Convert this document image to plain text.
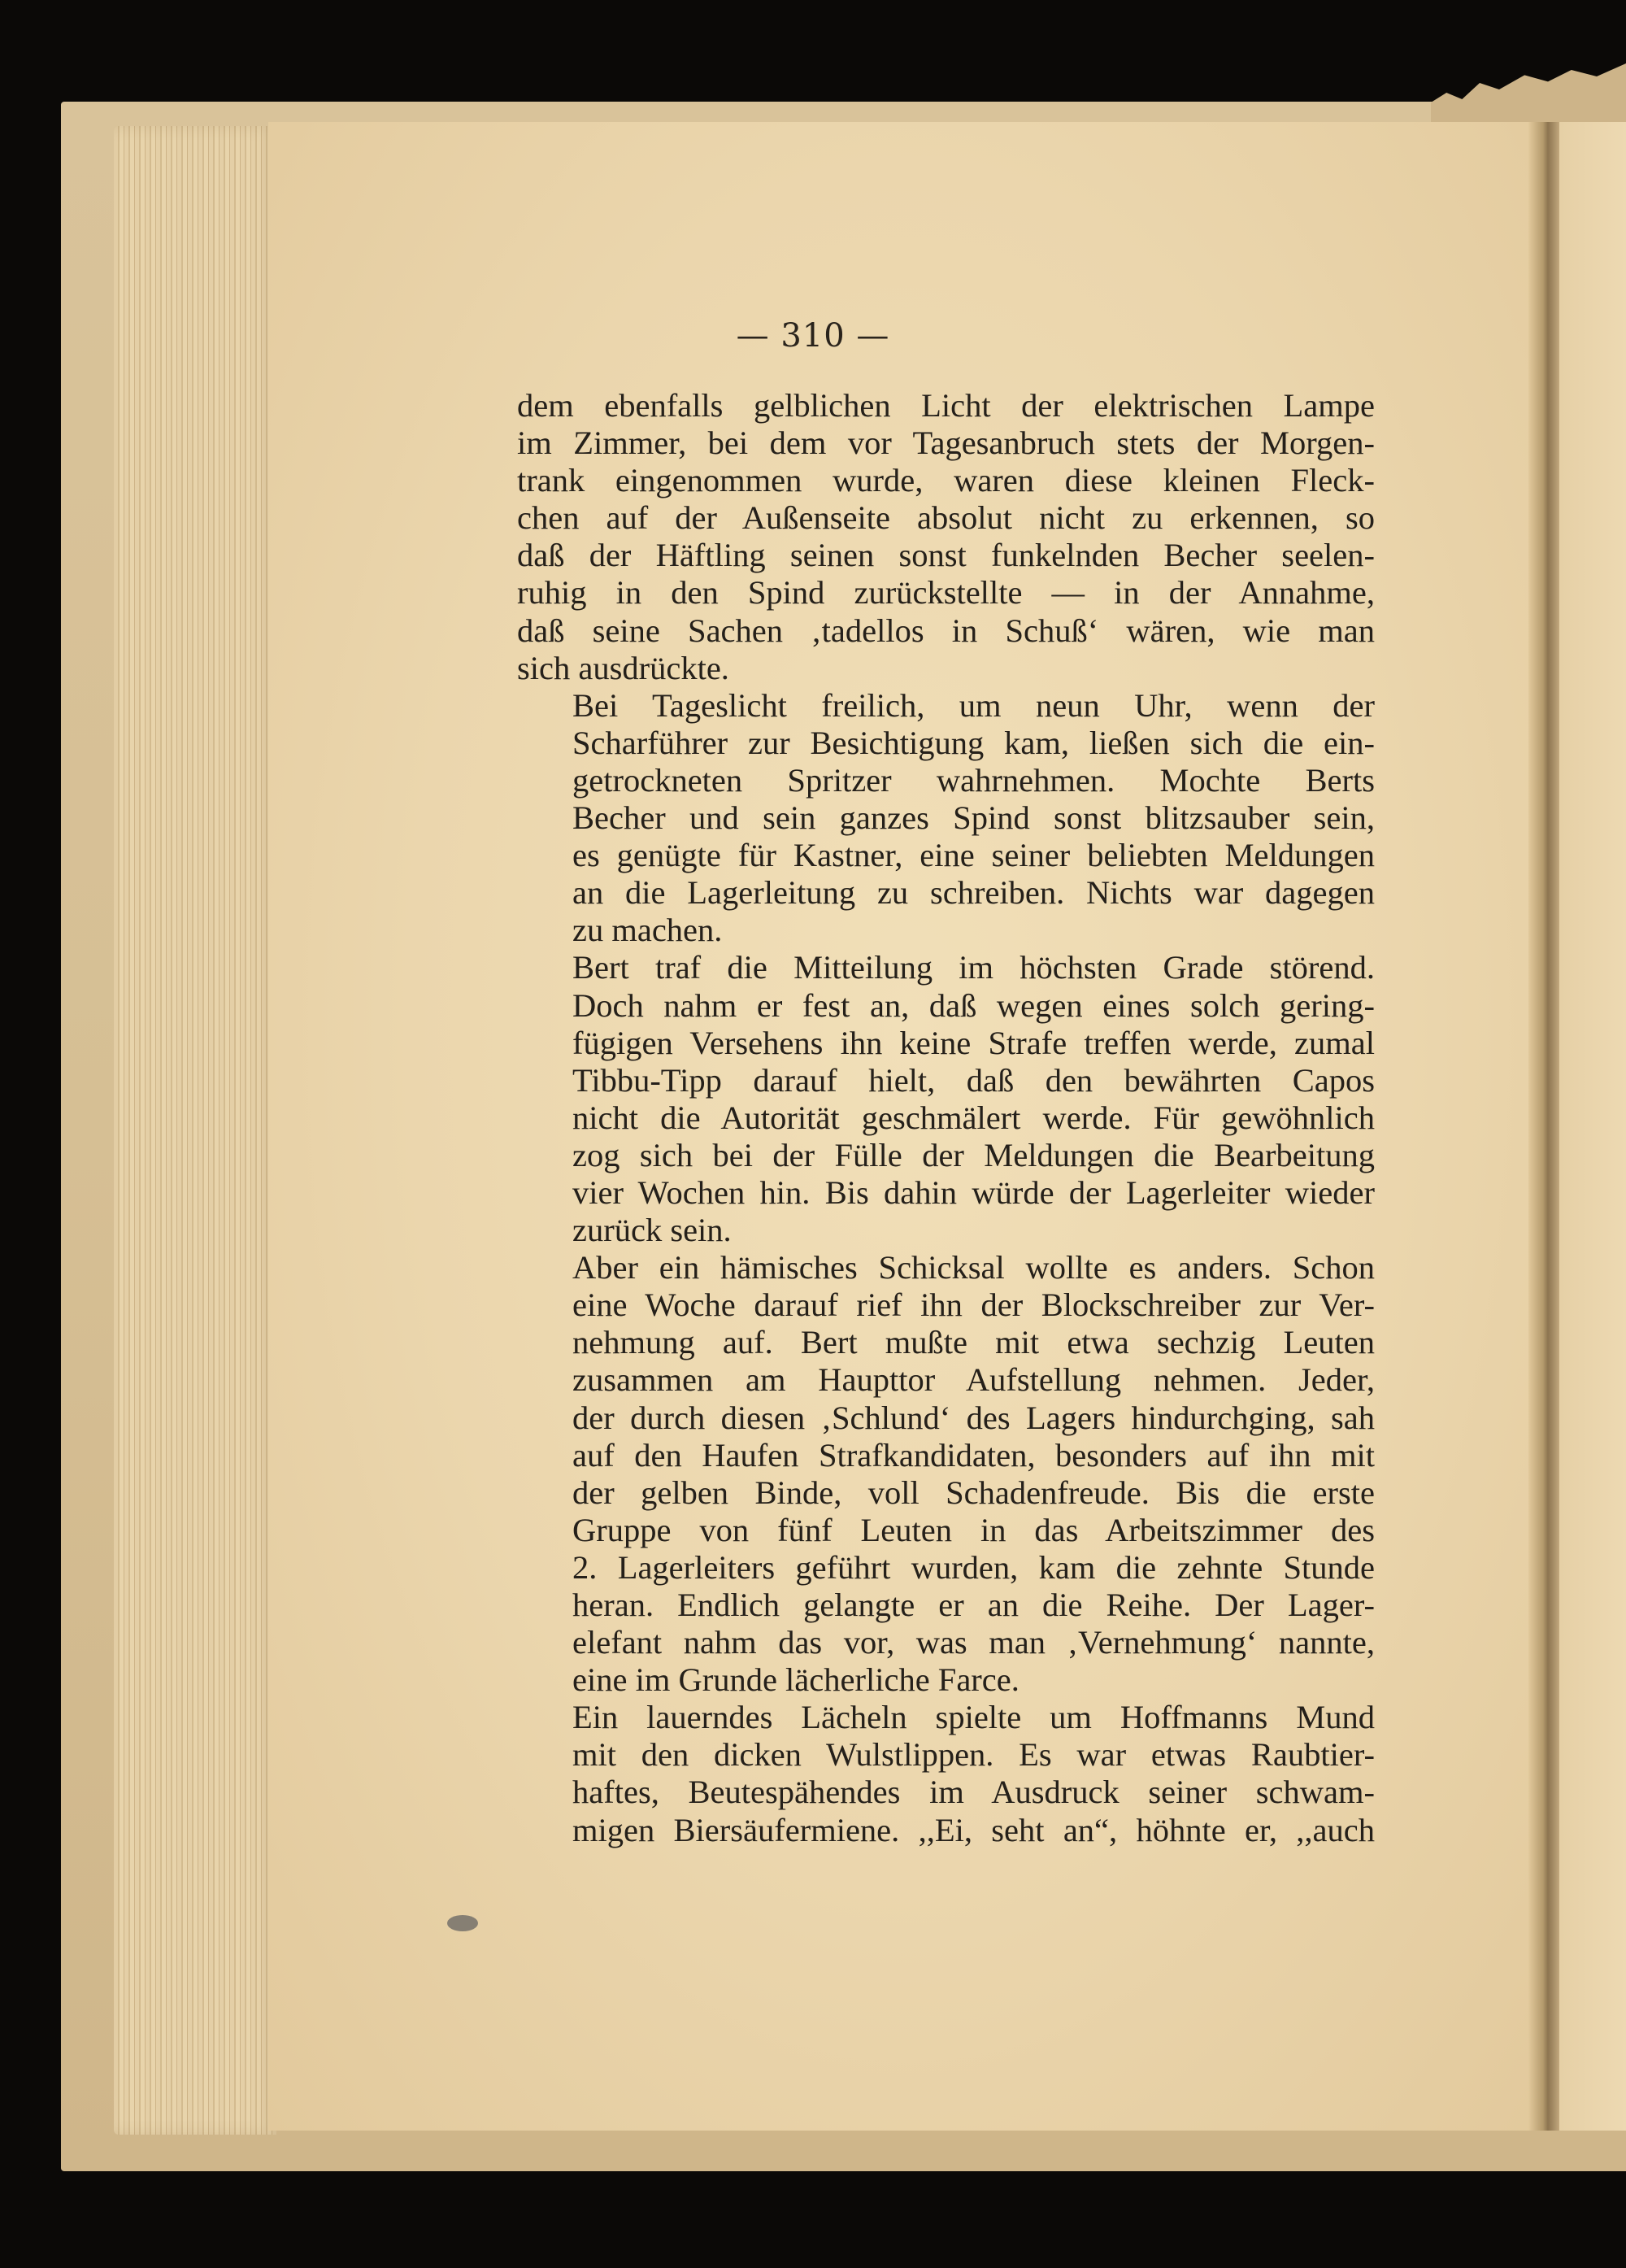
— 310 —
dem ebenfalls gelblichen Licht der elektrischen Lampe
im Zimmer, bei dem vor Tagesanbruch stets der Morgen-
trank eingenommen wurde, waren diese kleinen Fleck-
chen auf der Außenseite absolut nicht zu erkennen, so
daß der Häftling seinen sonst funkelnden Becher seelen-
ruhig in den Spind zurückstellte — in der Annahme,
daß seine Sachen ‚tadellos in Schuß‘ wären, wie man
sich ausdrückte.
Bei Tageslicht freilich, um neun Uhr, wenn der
Scharführer zur Besichtigung kam, ließen sich die ein-
getrockneten Spritzer wahrnehmen. Mochte Berts
Becher und sein ganzes Spind sonst blitzsauber sein,
es genügte für Kastner, eine seiner beliebten Meldungen
an die Lagerleitung zu schreiben. Nichts war dagegen
zu machen.
Bert traf die Mitteilung im höchsten Grade störend.
Doch nahm er fest an, daß wegen eines solch gering-
fügigen Versehens ihn keine Strafe treffen werde, zumal
Tibbu-Tipp darauf hielt, daß den bewährten Capos
nicht die Autorität geschmälert werde. Für gewöhnlich
zog sich bei der Fülle der Meldungen die Bearbeitung
vier Wochen hin. Bis dahin würde der Lagerleiter wieder
zurück sein.
Aber ein hämisches Schicksal wollte es anders. Schon
eine Woche darauf rief ihn der Blockschreiber zur Ver-
nehmung auf. Bert mußte mit etwa sechzig Leuten
zusammen am Haupttor Aufstellung nehmen. Jeder,
der durch diesen ‚Schlund‘ des Lagers hindurchging, sah
auf den Haufen Strafkandidaten, besonders auf ihn mit
der gelben Binde, voll Schadenfreude. Bis die erste
Gruppe von fünf Leuten in das Arbeitszimmer des
2. Lagerleiters geführt wurden, kam die zehnte Stunde
heran. Endlich gelangte er an die Reihe. Der Lager-
elefant nahm das vor, was man ‚Vernehmung‘ nannte,
eine im Grunde lächerliche Farce.
Ein lauerndes Lächeln spielte um Hoffmanns Mund
mit den dicken Wulstlippen. Es war etwas Raubtier-
haftes, Beutespähendes im Ausdruck seiner schwam-
migen Biersäufermiene. ,,Ei, seht an“, höhnte er, ,,auch
